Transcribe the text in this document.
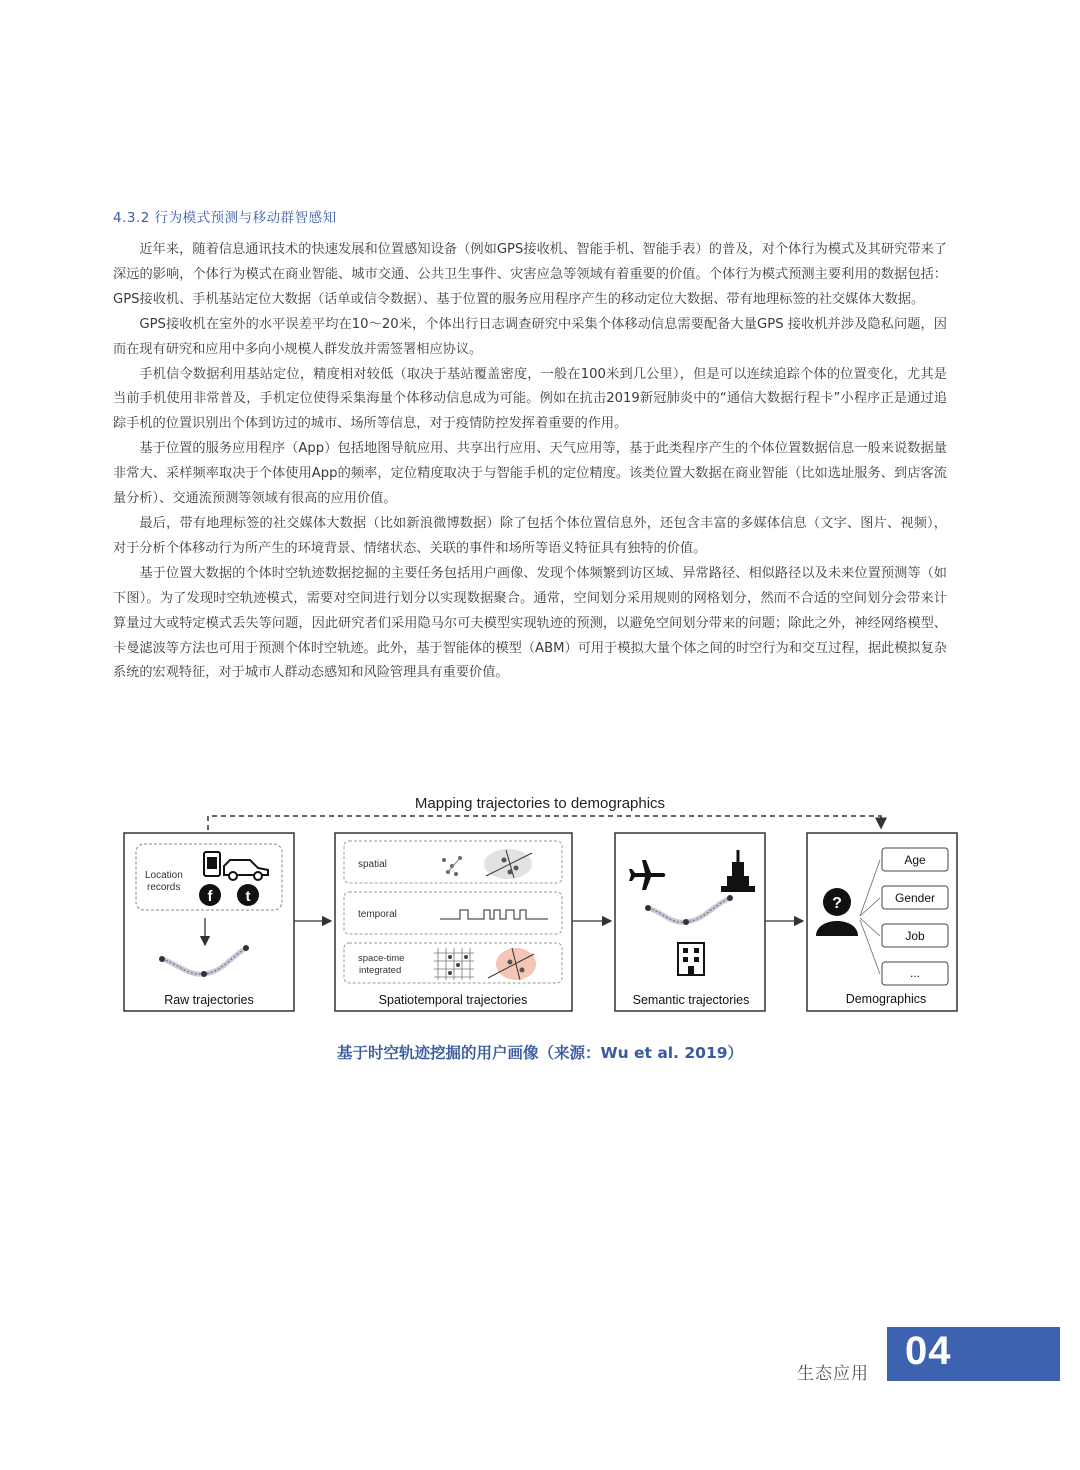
4.3.2 行为模式预测与移动群智感知

近年来，随着信息通讯技术的快速发展和位置感知设备（例如GPS接收机、智能手机、智能手表）的普及，对个体行为模式及其研究带来了深远的影响，个体行为模式在商业智能、城市交通、公共卫生事件、灾害应急等领域有着重要的价值。个体行为模式预测主要利用的数据包括：GPS接收机、手机基站定位大数据（话单或信令数据）、基于位置的服务应用程序产生的移动定位大数据、带有地理标签的社交媒体大数据。

GPS接收机在室外的水平误差平均在10～20米，个体出行日志调查研究中采集个体移动信息需要配备大量GPS 接收机并涉及隐私问题，因而在现有研究和应用中多向小规模人群发放并需签署相应协议。

手机信令数据利用基站定位，精度相对较低（取决于基站覆盖密度，一般在100米到几公里），但是可以连续追踪个体的位置变化，尤其是当前手机使用非常普及，手机定位使得采集海量个体移动信息成为可能。例如在抗击2019新冠肺炎中的“通信大数据行程卡”小程序正是通过追踪手机的位置识别出个体到访过的城市、场所等信息，对于疫情防控发挥着重要的作用。

基于位置的服务应用程序（App）包括地图导航应用、共享出行应用、天气应用等，基于此类程序产生的个体位置数据信息一般来说数据量非常大、采样频率取决于个体使用App的频率，定位精度取决于与智能手机的定位精度。该类位置大数据在商业智能（比如选址服务、到店客流量分析）、交通流预测等领域有很高的应用价值。

最后，带有地理标签的社交媒体大数据（比如新浪微博数据）除了包括个体位置信息外，还包含丰富的多媒体信息（文字、图片、视频），对于分析个体移动行为所产生的环境背景、情绪状态、关联的事件和场所等语义特征具有独特的价值。

基于位置大数据的个体时空轨迹数据挖掘的主要任务包括用户画像、发现个体频繁到访区域、异常路径、相似路径以及未来位置预测等（如下图）。为了发现时空轨迹模式，需要对空间进行划分以实现数据聚合。通常，空间划分采用规则的网格划分，然而不合适的空间划分会带来计算量过大或特定模式丢失等问题，因此研究者们采用隐马尔可夫模型实现轨迹的预测，以避免空间划分带来的问题；除此之外，神经网络模型、卡曼滤波等方法也可用于预测个体时空轨迹。此外，基于智能体的模型（ABM）可用于模拟大量个体之间的时空行为和交互过程，据此模拟复杂系统的宏观特征，对于城市人群动态感知和风险管理具有重要价值。

Mapping trajectories to demographics
Location
records
f t
Raw trajectories
spatial
temporal
space-time
integrated
Spatiotemporal trajectories	Semantic trajectories
?
Age
Gender
Job
...
Demographics
基于时空轨迹挖掘的用户画像（来源：Wu et al. 2019）
生态应用
04
